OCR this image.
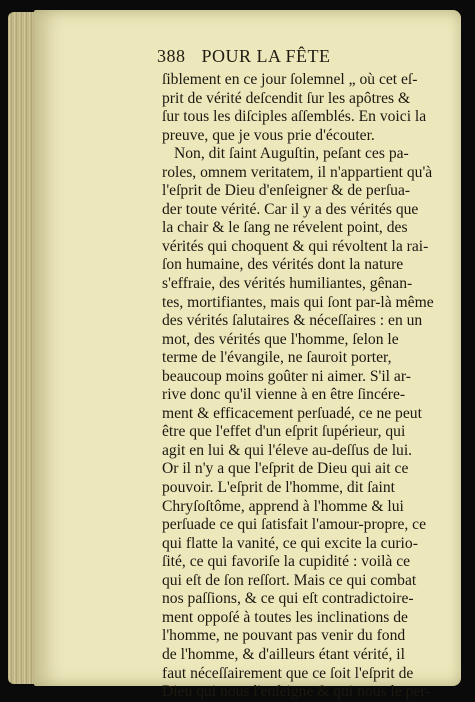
388 POUR LA FÊTE
ſiblement en ce jour ſolemnel „ où cet eſ-
prit de vérité deſcendit ſur les apôtres &
ſur tous les diſciples aſſemblés. En voici la
preuve, que je vous prie d'écouter.
Non, dit ſaint Auguſtin, peſant ces pa-
roles, omnem veritatem, il n'appartient qu'à
l'eſprit de Dieu d'enſeigner & de perſua-
der toute vérité. Car il y a des vérités que
la chair & le ſang ne révelent point, des
vérités qui choquent & qui révoltent la rai-
ſon humaine, des vérités dont la nature
s'effraie, des vérités humiliantes, gênan-
tes, mortifiantes, mais qui ſont par-là même
des vérités ſalutaires & néceſſaires : en un
mot, des vérités que l'homme, ſelon le
terme de l'évangile, ne ſauroit porter,
beaucoup moins goûter ni aimer. S'il ar-
rive donc qu'il vienne à en être ſincére-
ment & efficacement perſuadé, ce ne peut
être que l'effet d'un eſprit ſupérieur, qui
agit en lui & qui l'éleve au-deſſus de lui.
Or il n'y a que l'eſprit de Dieu qui ait ce
pouvoir. L'eſprit de l'homme, dit ſaint
Chryſoſtôme, apprend à l'homme & lui
perſuade ce qui ſatisfait l'amour-propre, ce
qui flatte la vanité, ce qui excite la curio-
ſité, ce qui favoriſe la cupidité : voilà ce
qui eſt de ſon reſſort. Mais ce qui combat
nos paſſions, & ce qui eſt contradictoire-
ment oppoſé à toutes les inclinations de
l'homme, ne pouvant pas venir du fond
de l'homme, & d'ailleurs étant vérité, il
faut néceſſairement que ce ſoit l'eſprit de
Dieu qui nous l'enſeigne & qui nous le per-
